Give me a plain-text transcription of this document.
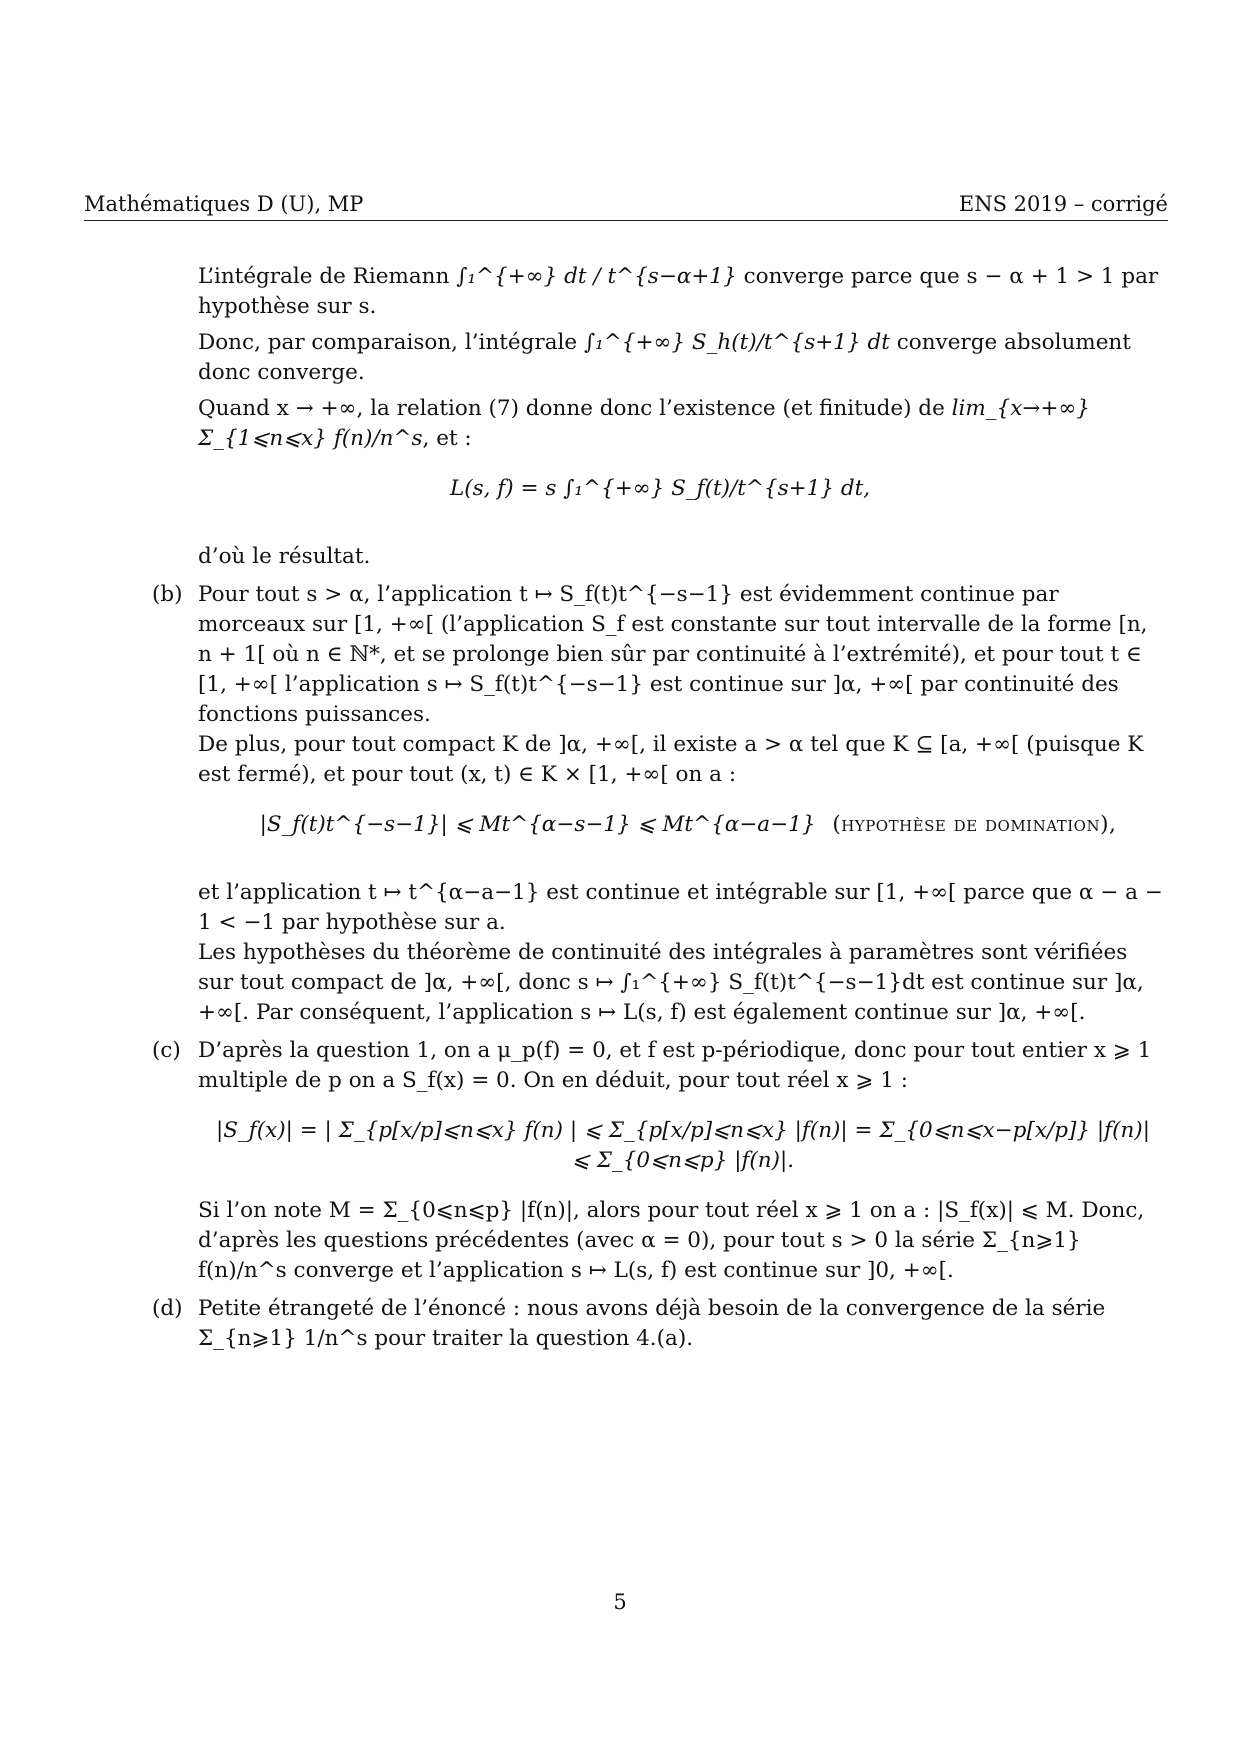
Mathématiques D (U), MP	ENS 2019 – corrigé

L’intégrale de Riemann ∫₁^{+∞} dt / t^{s−α+1} converge parce que s − α + 1 > 1 par hypothèse sur s.

Donc, par comparaison, l’intégrale ∫₁^{+∞} S_h(t)/t^{s+1} dt converge absolument donc converge.

Quand x → +∞, la relation (7) donne donc l’existence (et finitude) de lim_{x→+∞} Σ_{1⩽n⩽x} f(n)/n^s, et :

L(s, f) = s ∫₁^{+∞} S_f(t)/t^{s+1} dt,

d’où le résultat.

(b) Pour tout s > α, l’application t ↦ S_f(t)t^{−s−1} est évidemment continue par morceaux sur [1, +∞[ (l’application S_f est constante sur tout intervalle de la forme [n, n + 1[ où n ∈ ℕ*, et se prolonge bien sûr par continuité à l’extrémité), et pour tout t ∈ [1, +∞[ l’application s ↦ S_f(t)t^{−s−1} est continue sur ]α, +∞[ par continuité des fonctions puissances.

De plus, pour tout compact K de ]α, +∞[, il existe a > α tel que K ⊆ [a, +∞[ (puisque K est fermé), et pour tout (x, t) ∈ K × [1, +∞[ on a :

|S_f(t)t^{−s−1}| ⩽ Mt^{α−s−1} ⩽ Mt^{α−a−1} (hypothèse de domination),

et l’application t ↦ t^{α−a−1} est continue et intégrable sur [1, +∞[ parce que α − a − 1 < −1 par hypothèse sur a.

Les hypothèses du théorème de continuité des intégrales à paramètres sont vérifiées sur tout compact de ]α, +∞[, donc s ↦ ∫₁^{+∞} S_f(t)t^{−s−1}dt est continue sur ]α, +∞[. Par conséquent, l’application s ↦ L(s, f) est également continue sur ]α, +∞[.

(c) D’après la question 1, on a μ_p(f) = 0, et f est p-périodique, donc pour tout entier x ⩾ 1 multiple de p on a S_f(x) = 0. On en déduit, pour tout réel x ⩾ 1 :

|S_f(x)| = | Σ_{p[x/p]⩽n⩽x} f(n) | ⩽ Σ_{p[x/p]⩽n⩽x} |f(n)| = Σ_{0⩽n⩽x−p[x/p]} |f(n)| ⩽ Σ_{0⩽n⩽p} |f(n)|.

Si l’on note M = Σ_{0⩽n⩽p} |f(n)|, alors pour tout réel x ⩾ 1 on a : |S_f(x)| ⩽ M. Donc, d’après les questions précédentes (avec α = 0), pour tout s > 0 la série Σ_{n⩾1} f(n)/n^s converge et l’application s ↦ L(s, f) est continue sur ]0, +∞[.

(d) Petite étrangeté de l’énoncé : nous avons déjà besoin de la convergence de la série Σ_{n⩾1} 1/n^s pour traiter la question 4.(a).

5
